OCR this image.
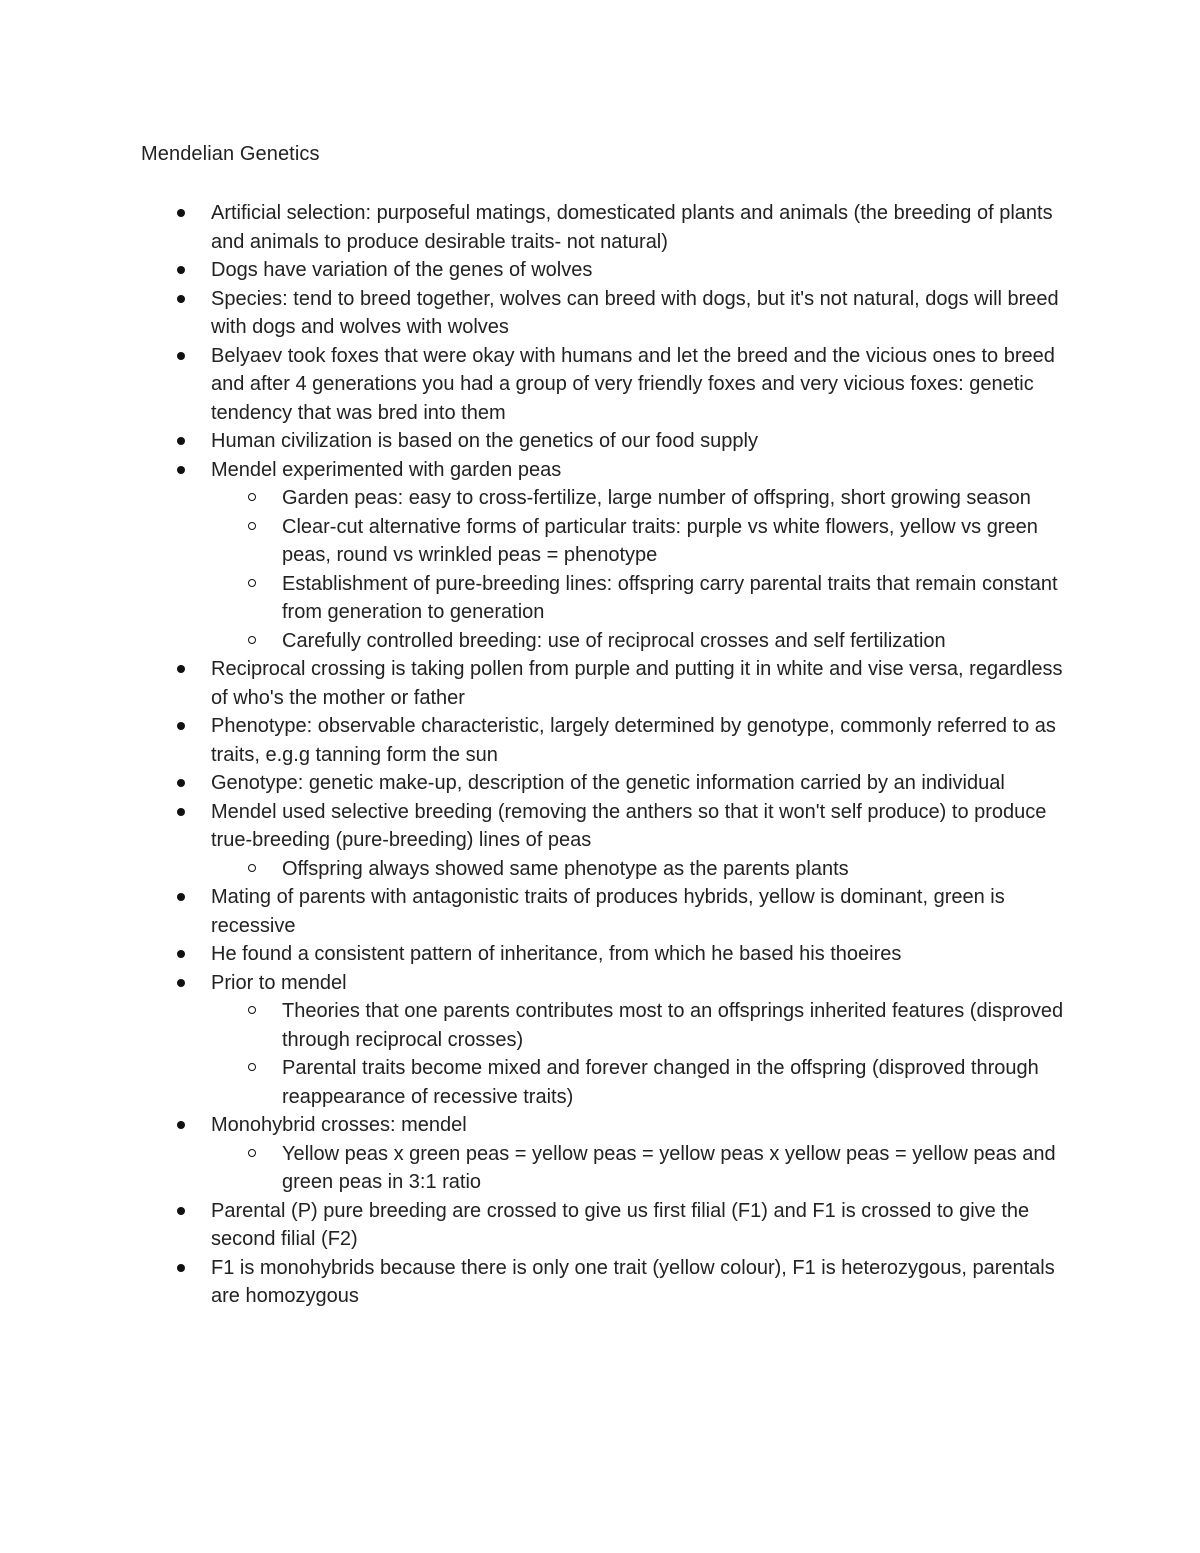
Mendelian Genetics
Artificial selection: purposeful matings, domesticated plants and animals (the breeding of plants and animals to produce desirable traits- not natural)
Dogs have variation of the genes of wolves
Species: tend to breed together, wolves can breed with dogs, but it's not natural, dogs will breed with dogs and wolves with wolves
Belyaev took foxes that were okay with humans and let the breed and the vicious ones to breed and after 4 generations you had a group of very friendly foxes and very vicious foxes: genetic tendency that was bred into them
Human civilization is based on the genetics of our food supply
Mendel experimented with garden peas
Garden peas: easy to cross-fertilize, large number of offspring, short growing season
Clear-cut alternative forms of particular traits: purple vs white flowers, yellow vs green peas, round vs wrinkled peas = phenotype
Establishment of pure-breeding lines: offspring carry parental traits that remain constant from generation to generation
Carefully controlled breeding: use of reciprocal crosses and self fertilization
Reciprocal crossing is taking pollen from purple and putting it in white and vise versa, regardless of who's the mother or father
Phenotype: observable characteristic, largely determined by genotype, commonly referred to as traits, e.g.g tanning form the sun
Genotype: genetic make-up, description of the genetic information carried by an individual
Mendel used selective breeding (removing the anthers so that it won't self produce) to produce true-breeding (pure-breeding) lines of peas
Offspring always showed same phenotype as the parents plants
Mating of parents with antagonistic traits of produces hybrids, yellow is dominant, green is recessive
He found a consistent pattern of inheritance, from which he based his thoeires
Prior to mendel
Theories that one parents contributes most to an offsprings inherited features (disproved through reciprocal crosses)
Parental traits become mixed and forever changed in the offspring (disproved through reappearance of recessive traits)
Monohybrid crosses: mendel
Yellow peas x green peas = yellow peas = yellow peas x yellow peas = yellow peas and green peas in 3:1 ratio
Parental (P) pure breeding are crossed to give us first filial (F1) and F1 is crossed to give the second filial (F2)
F1 is monohybrids because there is only one trait (yellow colour), F1 is heterozygous, parentals are homozygous
